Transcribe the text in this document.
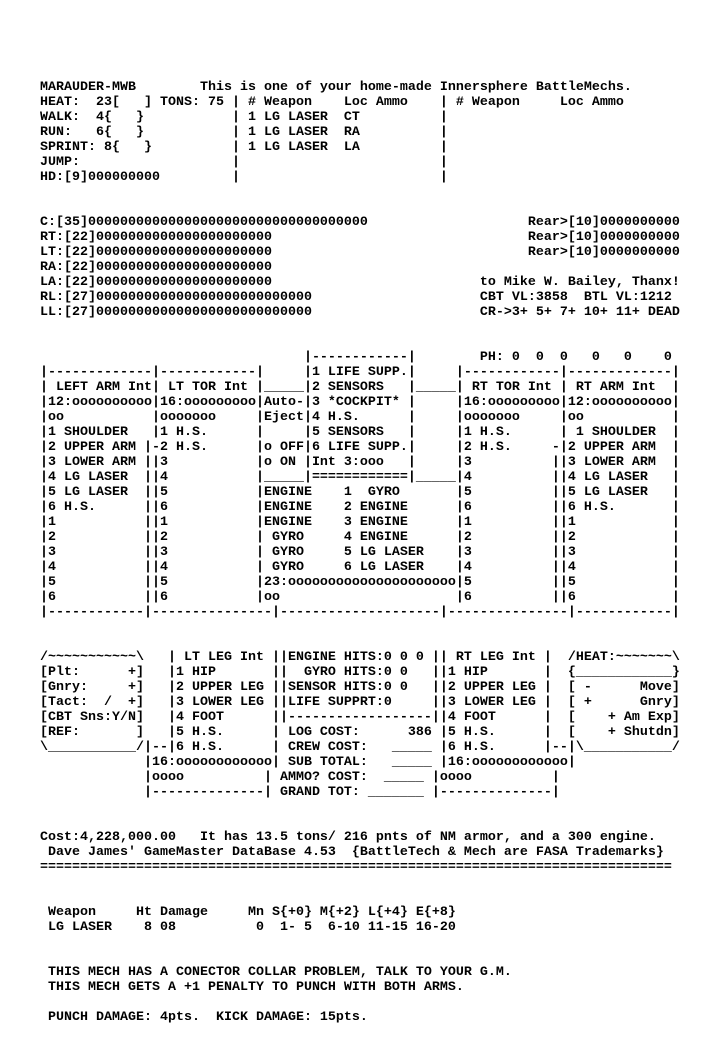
MARAUDER-MWB        This is one of your home-made Innersphere BattleMechs.
HEAT:  23[   ] TONS: 75 | # Weapon    Loc Ammo    | # Weapon     Loc Ammo
WALK:  4{   }           | 1 LG LASER  CT          |
RUN:   6{   }           | 1 LG LASER  RA          |
SPRINT: 8{   }          | 1 LG LASER  LA          |
JUMP:                   |                         |
HD:[9]000000000         |                         |

C:[35]00000000000000000000000000000000000                    Rear>[10]0000000000
RT:[22]0000000000000000000000                                Rear>[10]0000000000
LT:[22]0000000000000000000000                                Rear>[10]0000000000
RA:[22]0000000000000000000000
LA:[22]0000000000000000000000                          to Mike W. Bailey, Thanx!
RL:[27]000000000000000000000000000                     CBT VL:3858  BTL VL:1212
LL:[27]000000000000000000000000000                     CR->3+ 5+ 7+ 10+ 11+ DEAD

|------------|        PH: 0  0  0   0   0    0
|-------------|------------|     |1 LIFE SUPP.|     |------------|-------------|
| LEFT ARM Int| LT TOR Int |_____|2 SENSORS   |_____| RT TOR Int | RT ARM Int  |
|12:oooooooooo|16:ooooooooo|Auto-|3 *COCKPIT* |     |16:ooooooooo|12:oooooooooo|
|oo           |ooooooo     |Eject|4 H.S.      |     |ooooooo     |oo           |
|1 SHOULDER   |1 H.S.      |     |5 SENSORS   |     |1 H.S.      | 1 SHOULDER  |
|2 UPPER ARM |-2 H.S.      |o OFF|6 LIFE SUPP.|     |2 H.S.     -|2 UPPER ARM  |
|3 LOWER ARM ||3           |o ON |Int 3:ooo   |     |3          ||3 LOWER ARM  |
|4 LG LASER  ||4           |_____|============|_____|4          ||4 LG LASER   |
|5 LG LASER  ||5           |ENGINE    1  GYRO       |5          ||5 LG LASER   |
|6 H.S.      ||6           |ENGINE    2 ENGINE      |6          ||6 H.S.       |
|1           ||1           |ENGINE    3 ENGINE      |1          ||1            |
|2           ||2           | GYRO     4 ENGINE      |2          ||2            |
|3           ||3           | GYRO     5 LG LASER    |3          ||3            |
|4           ||4           | GYRO     6 LG LASER    |4          ||4            |
|5           ||5           |23:ooooooooooooooooooooo|5          ||5            |
|6           ||6           |oo                      |6          ||6            |
|------------|---------------|--------------------|---------------|------------|

/~~~~~~~~~~~\   | LT LEG Int ||ENGINE HITS:0 0 0 || RT LEG Int |  /HEAT:~~~~~~~\
[Plt:      +]   |1 HIP       ||  GYRO HITS:0 0   ||1 HIP       |  {____________}
[Gnry:     +]   |2 UPPER LEG ||SENSOR HITS:0 0   ||2 UPPER LEG |  [ -      Move]
[Tact:  /  +]   |3 LOWER LEG ||LIFE SUPPRT:0     ||3 LOWER LEG |  [ +      Gnry]
[CBT Sns:Y/N]   |4 FOOT      ||------------------||4 FOOT      |  [    + Am Exp]
[REF:       ]   |5 H.S.      | LOG COST:      386 |5 H.S.      |  [    + Shutdn]
\___________/|--|6 H.S.      | CREW COST:   _____ |6 H.S.      |--|\___________/
|16:oooooooooooo| SUB TOTAL:   _____ |16:oooooooooooo|
|oooo          | AMMO? COST:  _____ |oooo          |
|--------------| GRAND TOT: _______ |--------------|

Cost:4,228,000.00   It has 13.5 tons/ 216 pnts of NM armor, and a 300 engine.
Dave James' GameMaster DataBase 4.53  {BattleTech & Mech are FASA Trademarks}
===============================================================================

Weapon     Ht Damage     Mn S{+0} M{+2} L{+4} E{+8}
LG LASER    8 08          0  1- 5  6-10 11-15 16-20

THIS MECH HAS A CONECTOR COLLAR PROBLEM, TALK TO YOUR G.M.
THIS MECH GETS A +1 PENALTY TO PUNCH WITH BOTH ARMS.
PUNCH DAMAGE: 4pts.  KICK DAMAGE: 15pts.
